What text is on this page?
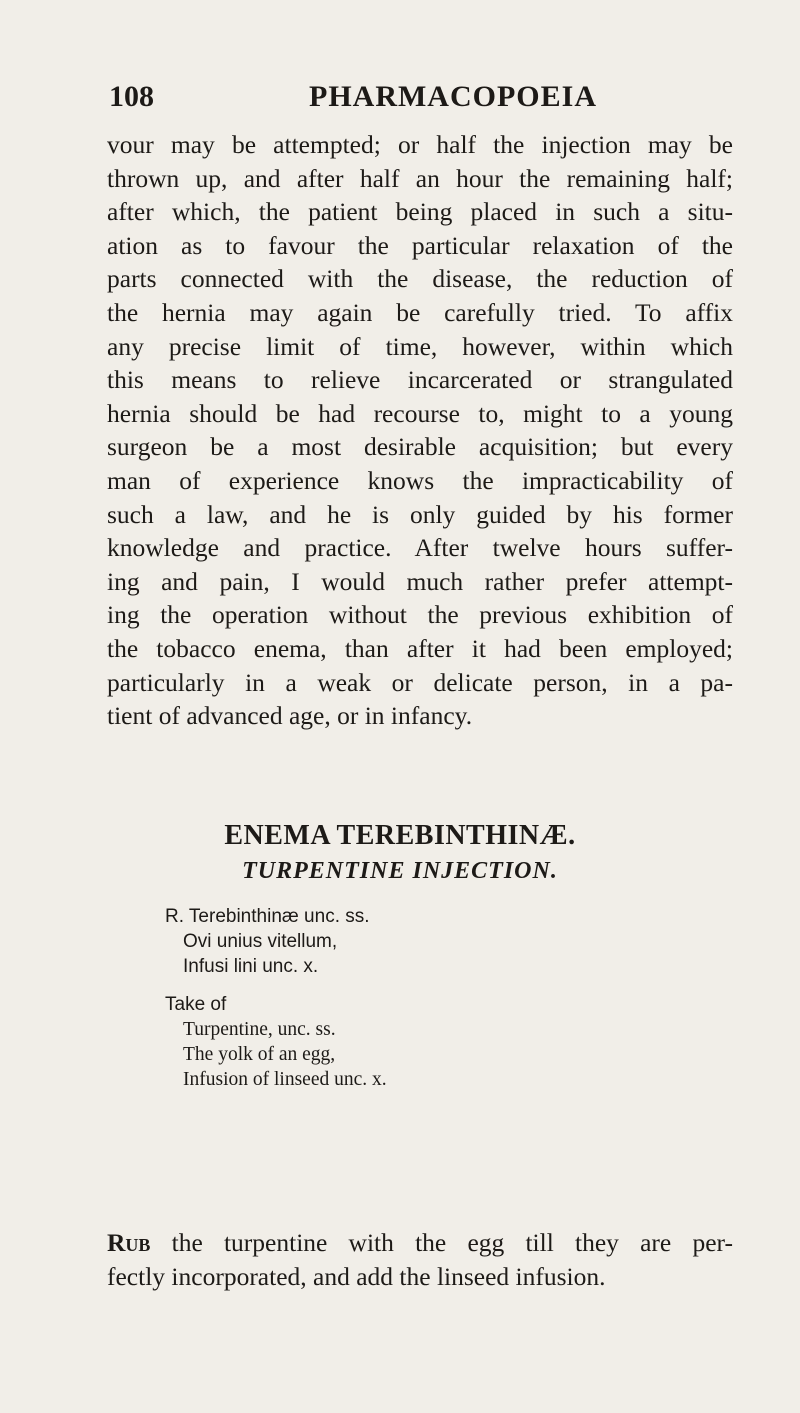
108	PHARMACOPOEIA

vour may be attempted; or half the injection may be
thrown up, and after half an hour the remaining half;
after which, the patient being placed in such a situ-
ation as to favour the particular relaxation of the
parts connected with the disease, the reduction of
the hernia may again be carefully tried. To affix
any precise limit of time, however, within which
this means to relieve incarcerated or strangulated
hernia should be had recourse to, might to a young
surgeon be a most desirable acquisition; but every
man of experience knows the impracticability of
such a law, and he is only guided by his former
knowledge and practice. After twelve hours suffer-
ing and pain, I would much rather prefer attempt-
ing the operation without the previous exhibition of
the tobacco enema, than after it had been employed;
particularly in a weak or delicate person, in a pa-
tient of advanced age, or in infancy.

ENEMA TEREBINTHINÆ.
TURPENTINE INJECTION.
R. Terebinthinæ unc. ss.
Ovi unius vitellum,
Infusi lini unc. x.
Take of
Turpentine, unc. ss.
The yolk of an egg,
Infusion of linseed unc. x.

Rub the turpentine with the egg till they are per-
fectly incorporated, and add the linseed infusion.
